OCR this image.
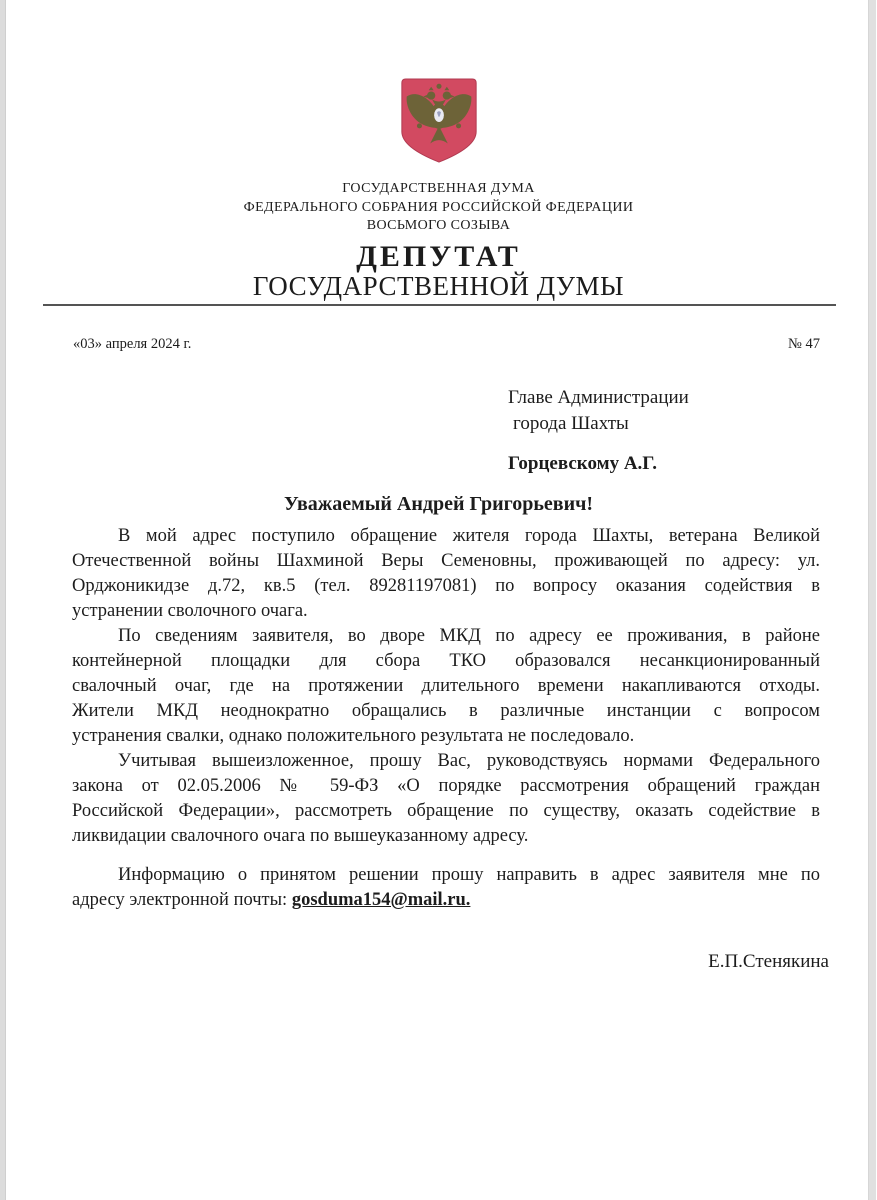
ГОСУДАРСТВЕННАЯ ДУМА
ФЕДЕРАЛЬНОГО СОБРАНИЯ РОССИЙСКОЙ ФЕДЕРАЦИИ
ВОСЬМОГО СОЗЫВА
ДЕПУТАТ
ГОСУДАРСТВЕННОЙ ДУМЫ
«03» апреля 2024 г.	№ 47
Главе Администрации
города Шахты
Горцевскому А.Г.
Уважаемый Андрей Григорьевич!
В мой адрес поступило обращение жителя города Шахты, ветерана Великой
Отечественной войны Шахминой Веры Семеновны, проживающей по адресу: ул.
Орджоникидзе д.72, кв.5 (тел. 89281197081) по вопросу оказания содействия в
устранении сволочного очага.
По сведениям заявителя, во дворе МКД по адресу ее проживания, в районе
контейнерной площадки для сбора ТКО образовался несанкционированный
свалочный очаг, где на протяжении длительного времени накапливаются отходы.
Жители МКД неоднократно обращались в различные инстанции с вопросом
устранения свалки, однако положительного результата не последовало.
Учитывая вышеизложенное, прошу Вас, руководствуясь нормами Федерального
закона от 02.05.2006 № 59-ФЗ «О порядке рассмотрения обращений граждан
Российской Федерации», рассмотреть обращение по существу, оказать содействие в
ликвидации свалочного очага по вышеуказанному адресу.
Информацию о принятом решении прошу направить в адрес заявителя мне по
адресу электронной почты: gosduma154@mail.ru.
Е.П.Стенякина
